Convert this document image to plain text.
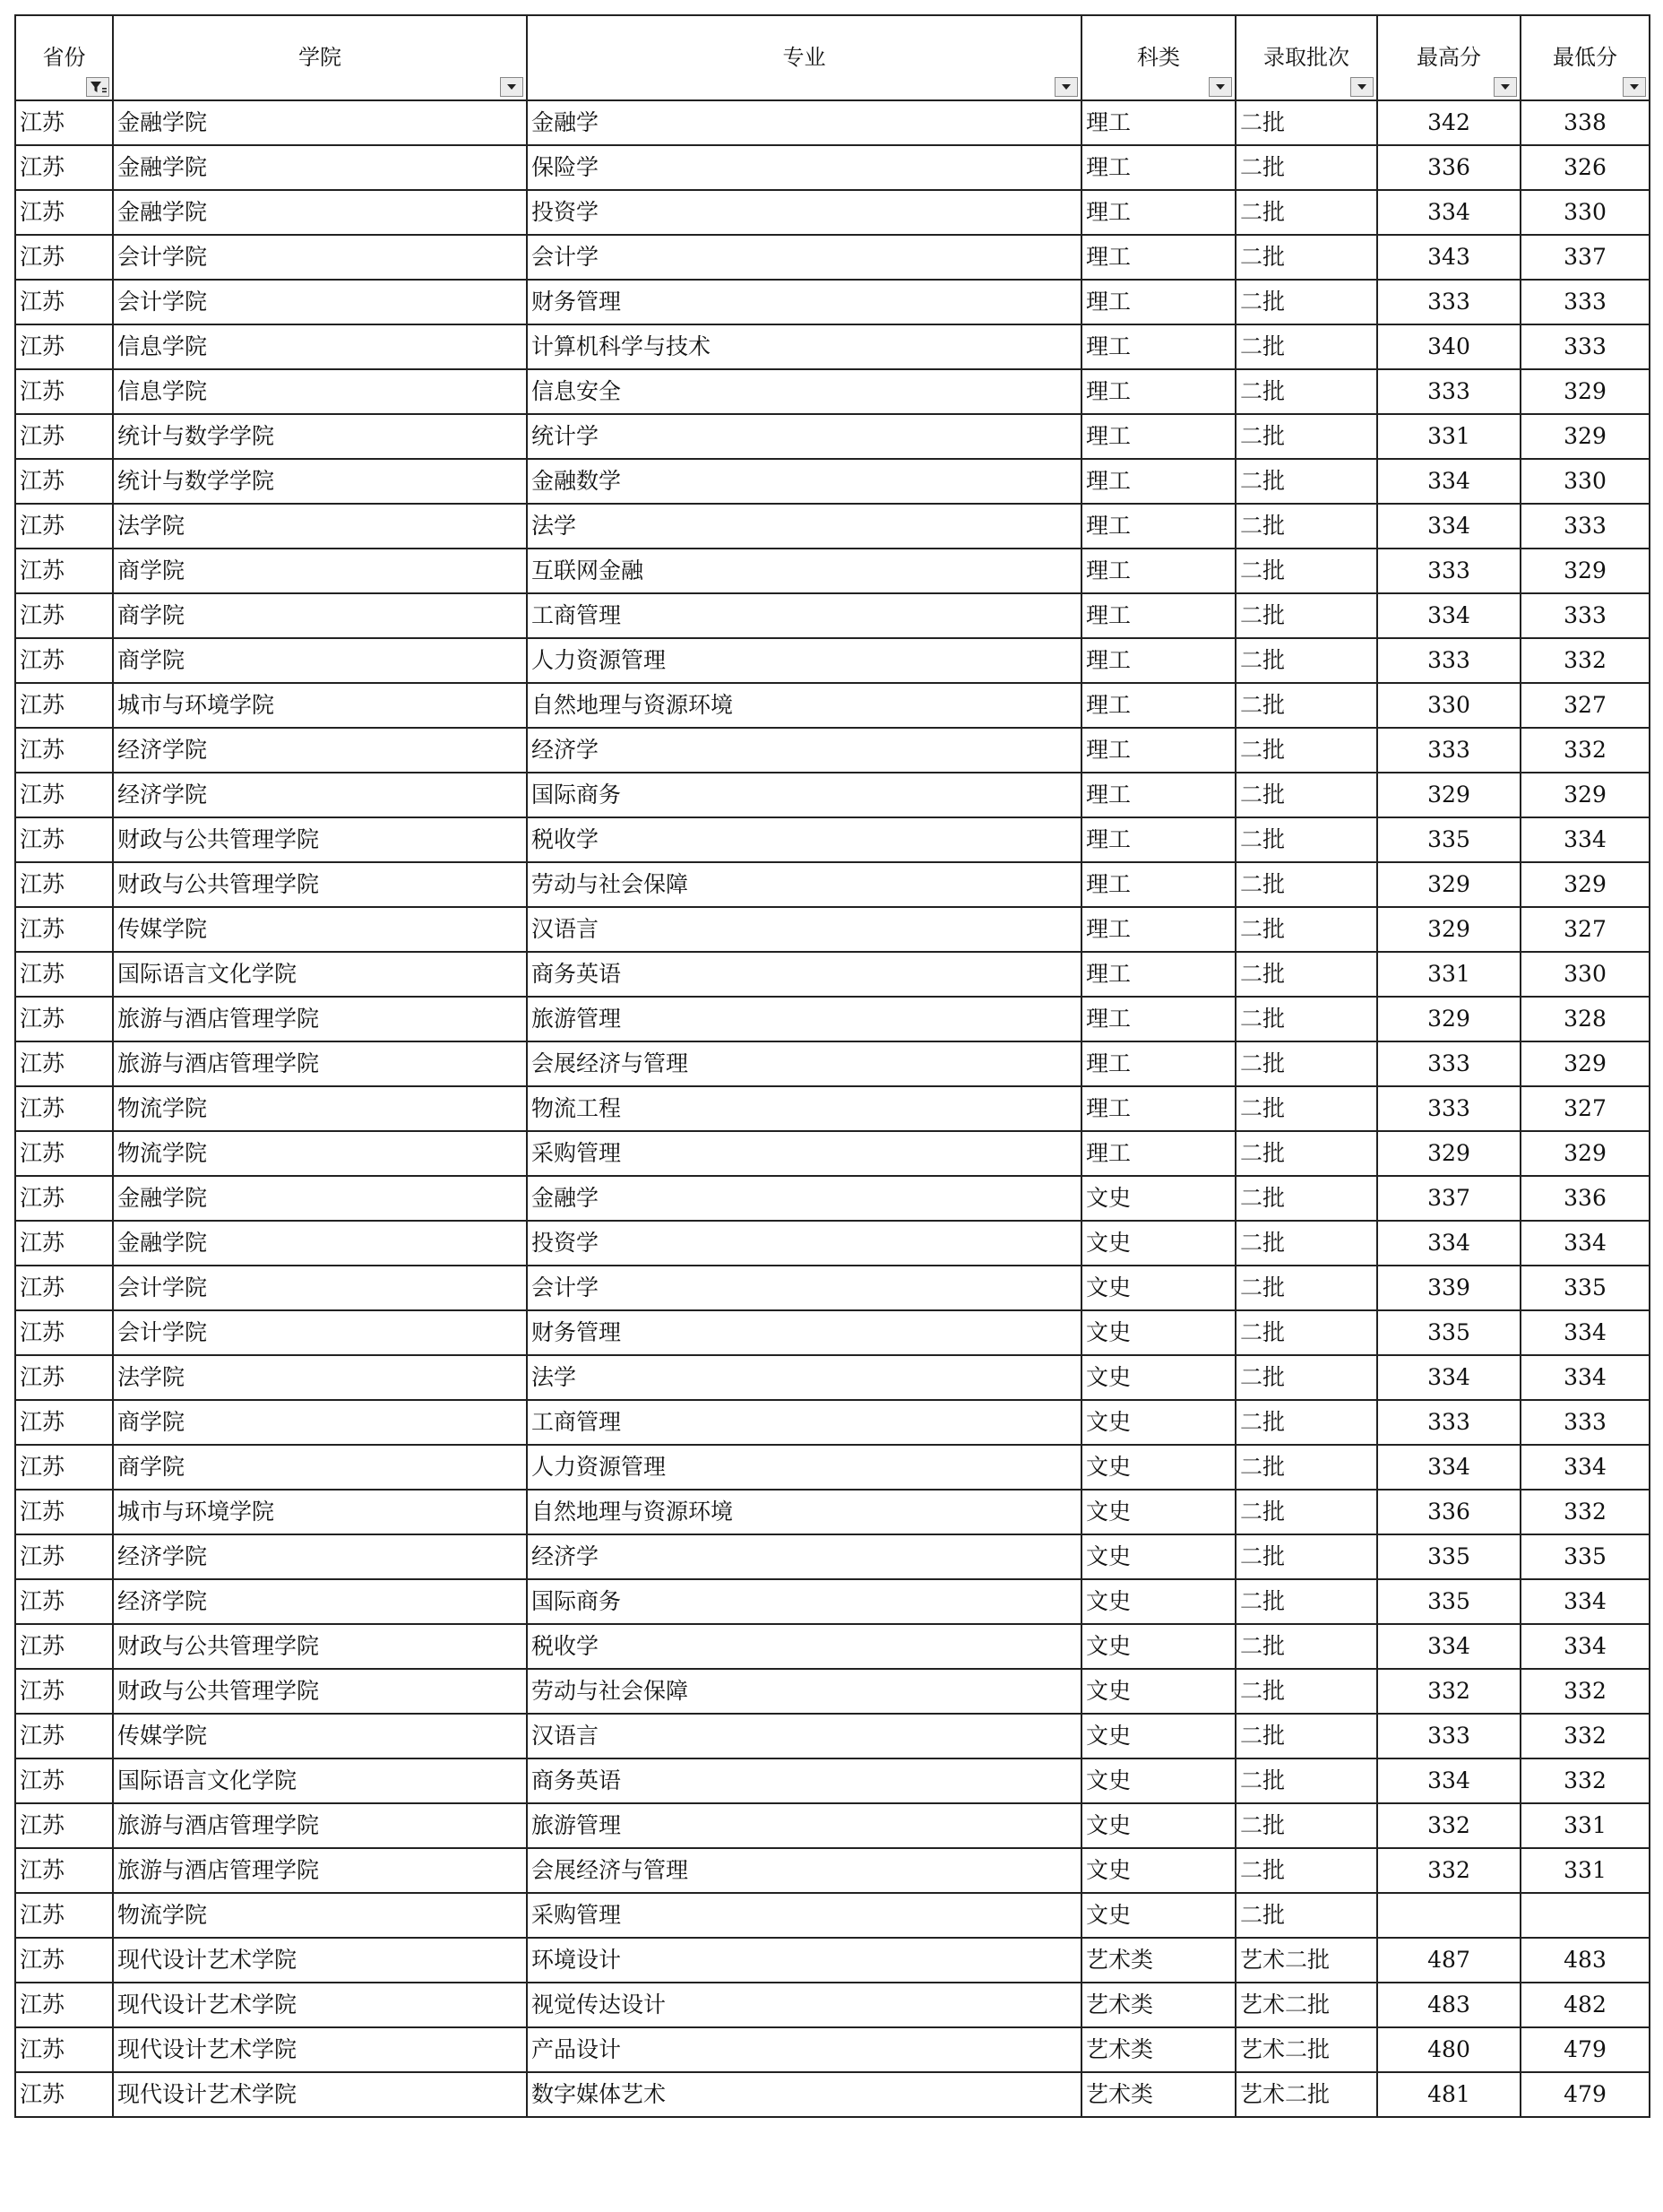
省份	学院	专业	科类	录取批次	最高分	最低分

江苏	金融学院	金融学	理工	二批	342	338
江苏	金融学院	保险学	理工	二批	336	326
江苏	金融学院	投资学	理工	二批	334	330
江苏	会计学院	会计学	理工	二批	343	337
江苏	会计学院	财务管理	理工	二批	333	333
江苏	信息学院	计算机科学与技术	理工	二批	340	333
江苏	信息学院	信息安全	理工	二批	333	329
江苏	统计与数学学院	统计学	理工	二批	331	329
江苏	统计与数学学院	金融数学	理工	二批	334	330
江苏	法学院	法学	理工	二批	334	333
江苏	商学院	互联网金融	理工	二批	333	329
江苏	商学院	工商管理	理工	二批	334	333
江苏	商学院	人力资源管理	理工	二批	333	332
江苏	城市与环境学院	自然地理与资源环境	理工	二批	330	327
江苏	经济学院	经济学	理工	二批	333	332
江苏	经济学院	国际商务	理工	二批	329	329
江苏	财政与公共管理学院	税收学	理工	二批	335	334
江苏	财政与公共管理学院	劳动与社会保障	理工	二批	329	329
江苏	传媒学院	汉语言	理工	二批	329	327
江苏	国际语言文化学院	商务英语	理工	二批	331	330
江苏	旅游与酒店管理学院	旅游管理	理工	二批	329	328
江苏	旅游与酒店管理学院	会展经济与管理	理工	二批	333	329
江苏	物流学院	物流工程	理工	二批	333	327
江苏	物流学院	采购管理	理工	二批	329	329
江苏	金融学院	金融学	文史	二批	337	336
江苏	金融学院	投资学	文史	二批	334	334
江苏	会计学院	会计学	文史	二批	339	335
江苏	会计学院	财务管理	文史	二批	335	334
江苏	法学院	法学	文史	二批	334	334
江苏	商学院	工商管理	文史	二批	333	333
江苏	商学院	人力资源管理	文史	二批	334	334
江苏	城市与环境学院	自然地理与资源环境	文史	二批	336	332
江苏	经济学院	经济学	文史	二批	335	335
江苏	经济学院	国际商务	文史	二批	335	334
江苏	财政与公共管理学院	税收学	文史	二批	334	334
江苏	财政与公共管理学院	劳动与社会保障	文史	二批	332	332
江苏	传媒学院	汉语言	文史	二批	333	332
江苏	国际语言文化学院	商务英语	文史	二批	334	332
江苏	旅游与酒店管理学院	旅游管理	文史	二批	332	331
江苏	旅游与酒店管理学院	会展经济与管理	文史	二批	332	331
江苏	物流学院	采购管理	文史	二批		
江苏	现代设计艺术学院	环境设计	艺术类	艺术二批	487	483
江苏	现代设计艺术学院	视觉传达设计	艺术类	艺术二批	483	482
江苏	现代设计艺术学院	产品设计	艺术类	艺术二批	480	479
江苏	现代设计艺术学院	数字媒体艺术	艺术类	艺术二批	481	479
